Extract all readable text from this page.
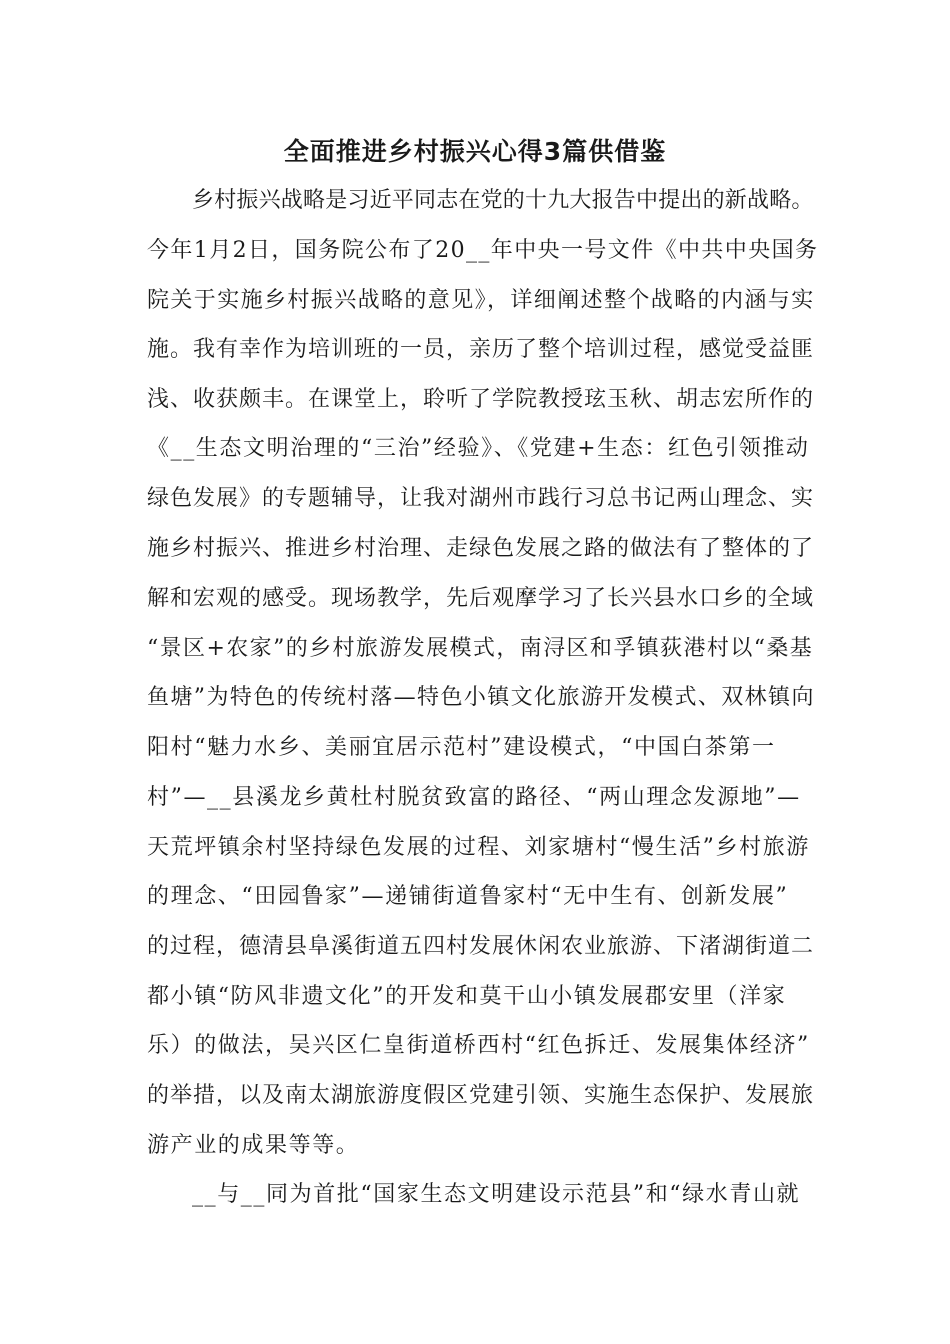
全面推进乡村振兴心得3篇供借鉴
乡村振兴战略是习近平同志在党的十九大报告中提出的新战略。
今年1月2日，国务院公布了20__年中央一号文件《中共中央国务
院关于实施乡村振兴战略的意见》，详细阐述整个战略的内涵与实
施。我有幸作为培训班的一员，亲历了整个培训过程，感觉受益匪
浅、收获颇丰。在课堂上，聆听了学院教授玹玉秋、胡志宏所作的
《__生态文明治理的“三治”经验》、《党建+生态：红色引领推动
绿色发展》的专题辅导，让我对湖州市践行习总书记两山理念、实
施乡村振兴、推进乡村治理、走绿色发展之路的做法有了整体的了
解和宏观的感受。现场教学，先后观摩学习了长兴县水口乡的全域
“景区+农家”的乡村旅游发展模式，南浔区和孚镇荻港村以“桑基
鱼塘”为特色的传统村落—特色小镇文化旅游开发模式、双林镇向
阳村“魅力水乡、美丽宜居示范村”建设模式，“中国白茶第一
村”—__县溪龙乡黄杜村脱贫致富的路径、“两山理念发源地”—
天荒坪镇余村坚持绿色发展的过程、刘家塘村“慢生活”乡村旅游
的理念、“田园鲁家”—递铺街道鲁家村“无中生有、创新发展”
的过程，德清县阜溪街道五四村发展休闲农业旅游、下渚湖街道二
都小镇“防风非遗文化”的开发和莫干山小镇发展郡安里（洋家
乐）的做法，吴兴区仁皇街道桥西村“红色拆迁、发展集体经济”
的举措，以及南太湖旅游度假区党建引领、实施生态保护、发展旅
游产业的成果等等。
__与__同为首批“国家生态文明建设示范县”和“绿水青山就
